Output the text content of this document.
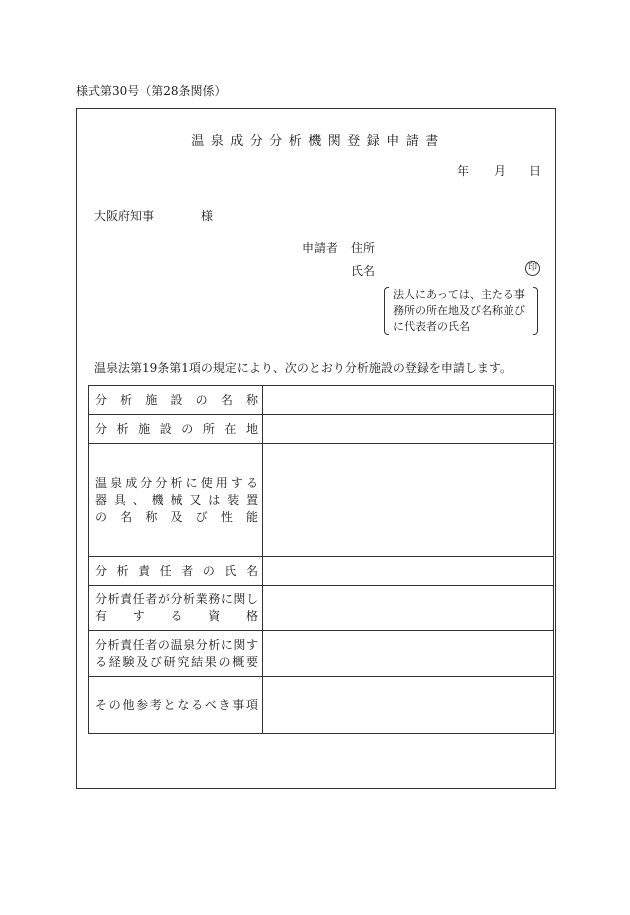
様式第30号（第28条関係）
温泉成分分析機関登録申請書
年 月 日
大阪府知事	様
申請者 住所
氏名	印
法人にあっては、主たる事務所の所在地及び名称並びに代表者の氏名
温泉法第19条第1項の規定により、次のとおり分析施設の登録を申請します。
分析施設の名称	

分析施設の所在地	

温泉成分分析に使用する
器具、機械又は装置
の名称及び性能	

分析責任者の氏名	

分析責任者が分析業務に関し
有する資格	

分析責任者の温泉分析に関す
る経験及び研究結果の概要	

その他参考となるべき事項	
